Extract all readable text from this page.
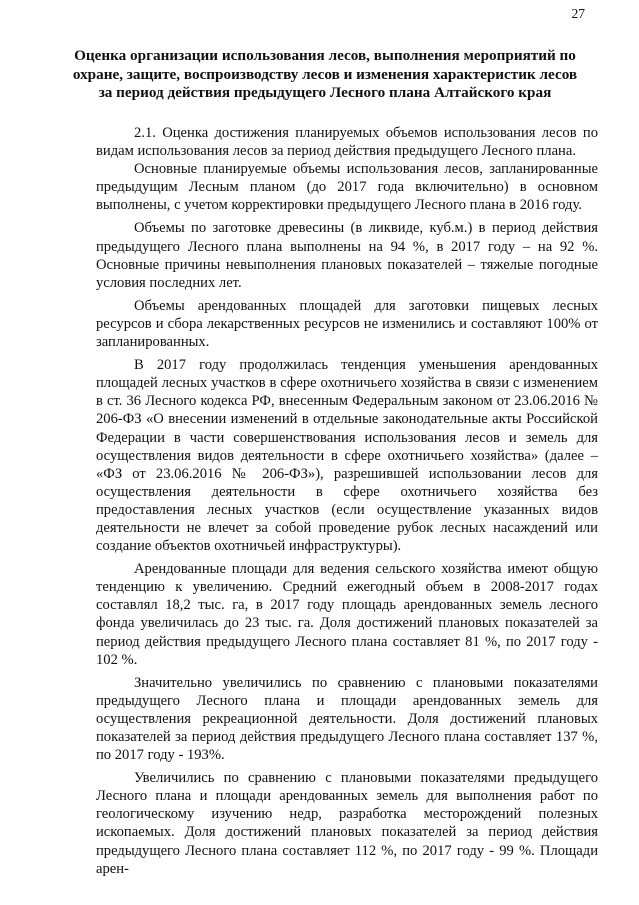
27
Оценка организации использования лесов, выполнения мероприятий по охране, защите, воспроизводству лесов и изменения характеристик лесов за период действия предыдущего Лесного плана Алтайского края

2.1. Оценка достижения планируемых объемов использования лесов по видам использования лесов за период действия предыдущего Лесного плана.

Основные планируемые объемы использования лесов, запланированные предыдущим Лесным планом (до 2017 года включительно) в основном выполнены, с учетом корректировки предыдущего Лесного плана в 2016 году.

Объемы по заготовке древесины (в ликвиде, куб.м.) в период действия предыдущего Лесного плана выполнены на 94 %, в 2017 году – на 92 %. Основные причины невыполнения плановых показателей – тяжелые погодные условия последних лет.

Объемы арендованных площадей для заготовки пищевых лесных ресурсов и сбора лекарственных ресурсов не изменились и составляют 100% от запланированных.

В 2017 году продолжилась тенденция уменьшения арендованных площадей лесных участков в сфере охотничьего хозяйства в связи с изменением в ст. 36 Лесного кодекса РФ, внесенным Федеральным законом от 23.06.2016 № 206-ФЗ «О внесении изменений в отдельные законодательные акты Российской Федерации в части совершенствования использования лесов и земель для осуществления видов деятельности в сфере охотничьего хозяйства» (далее – «ФЗ от 23.06.2016 № 206-ФЗ»), разрешившей использовании лесов для осуществления деятельности в сфере охотничьего хозяйства без предоставления лесных участков (если осуществление указанных видов деятельности не влечет за собой проведение рубок лесных насаждений или создание объектов охотничьей инфраструктуры).

Арендованные площади для ведения сельского хозяйства имеют общую тенденцию к увеличению. Средний ежегодный объем в 2008-2017 годах составлял 18,2 тыс. га, в 2017 году площадь арендованных земель лесного фонда увеличилась до 23 тыс. га. Доля достижений плановых показателей за период действия предыдущего Лесного плана составляет 81 %, по 2017 году - 102 %.

Значительно увеличились по сравнению с плановыми показателями предыдущего Лесного плана и площади арендованных земель для осуществления рекреационной деятельности. Доля достижений плановых показателей за период действия предыдущего Лесного плана составляет 137 %, по 2017 году - 193%.

Увеличились по сравнению с плановыми показателями предыдущего Лесного плана и площади арендованных земель для выполнения работ по геологическому изучению недр, разработка месторождений полезных ископаемых. Доля достижений плановых показателей за период действия предыдущего Лесного плана составляет 112 %, по 2017 году - 99 %. Площади арен-
